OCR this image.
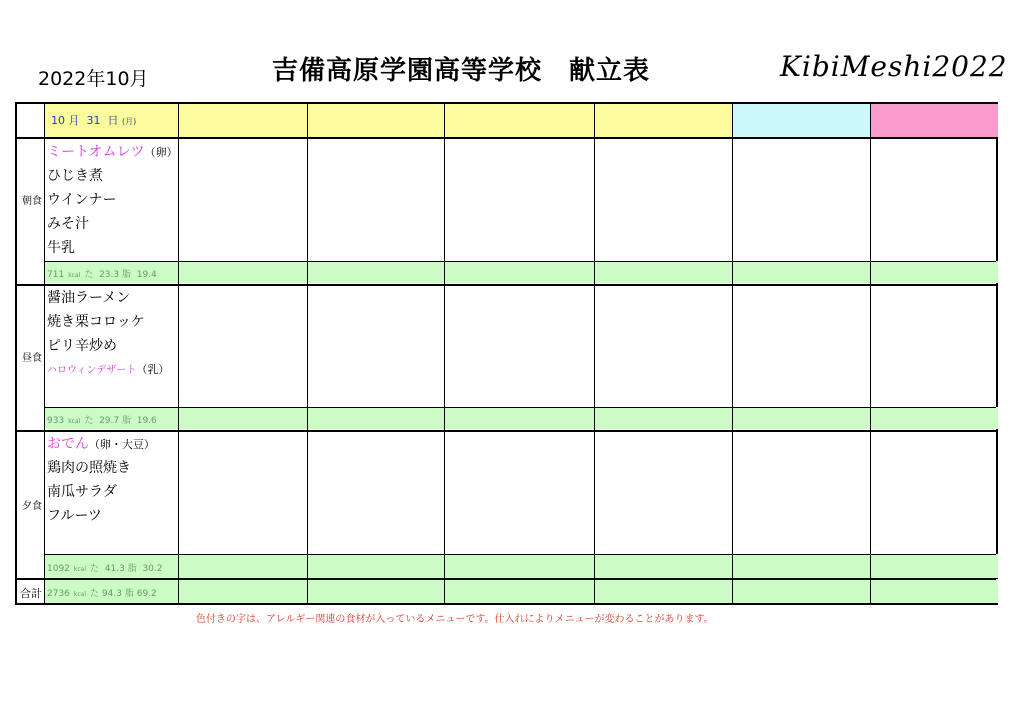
2022年10月	吉備高原学園高等学校　献立表	KibiMeshi2022
10 月 31 日 (月)
朝食
ミートオムレツ（卵）
ひじき煮
ウインナー
みそ汁
牛乳
711 kcal た 23.3 脂 19.4
昼食
醤油ラーメン
焼き栗コロッケ
ピリ辛炒め
ハロウィンデザート（乳）
933 kcal た 29.7 脂 19.6
夕食
おでん（卵・大豆）
鶏肉の照焼き
南瓜サラダ
フルーツ
1092 kcal た 41.3 脂 30.2
合計 2736 kcal た 94.3 脂 69.2
色付きの字は、アレルギー関連の食材が入っているメニューです。仕入れによりメニューが変わることがあります。
